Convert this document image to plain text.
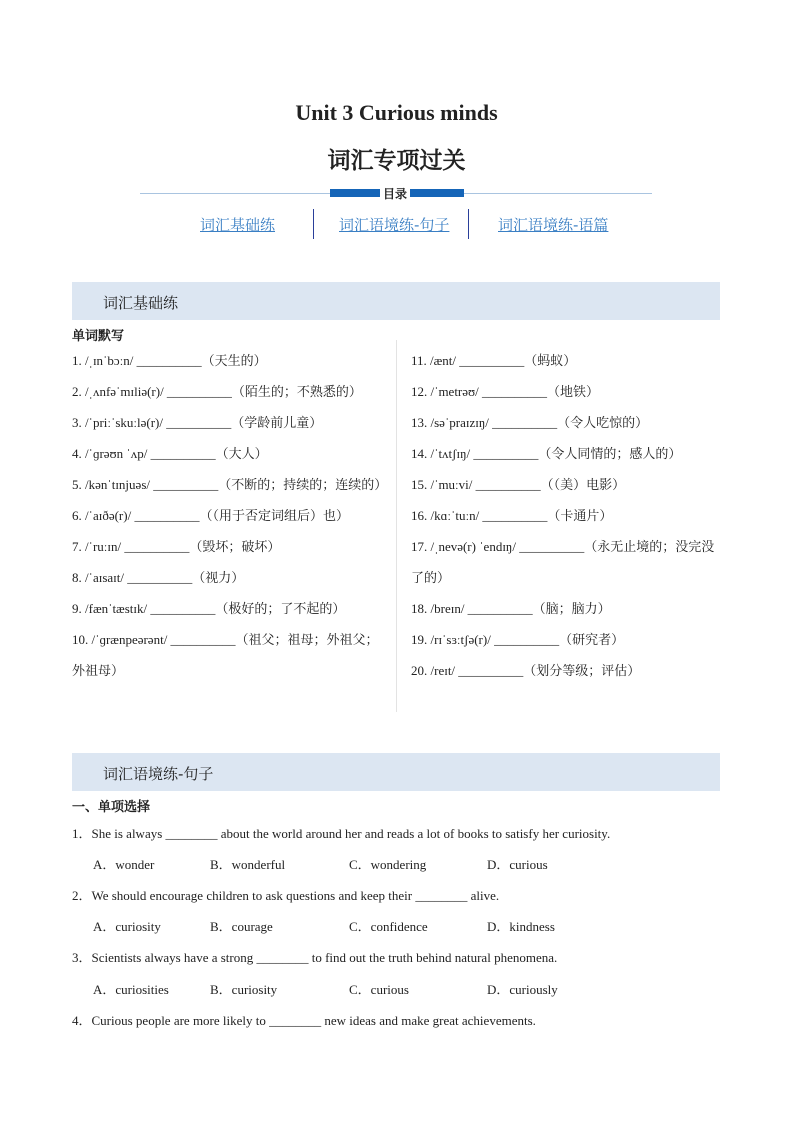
Unit 3 Curious minds
词汇专项过关
目录
词汇基础练	词汇语境练-句子	词汇语境练-语篇
词汇基础练
单词默写
1. /ˌɪnˈbɔːn/ __________（天生的）
2. /ˌʌnfəˈmɪliə(r)/ __________（陌生的；不熟悉的）
3. /ˈpriːˈskuːlə(r)/ __________（学龄前儿童）
4. /ˈɡrəʊn ˈʌp/ __________（大人）
5. /kənˈtɪnjuəs/ __________（不断的；持续的；连续的）
6. /ˈaɪðə(r)/ __________（（用于否定词组后）也）
7. /ˈruːɪn/ __________（毁坏；破坏）
8. /ˈaɪsaɪt/ __________（视力）
9. /fænˈtæstɪk/ __________（极好的；了不起的）
10. /ˈɡrænpeərənt/ __________（祖父；祖母；外祖父；外祖母）
11. /ænt/ __________（蚂蚁）
12. /ˈmetrəʊ/ __________（地铁）
13. /səˈpraɪzɪŋ/ __________（令人吃惊的）
14. /ˈtʌtʃɪŋ/ __________（令人同情的；感人的）
15. /ˈmuːvi/ __________（（美）电影）
16. /kɑːˈtuːn/ __________（卡通片）
17. /ˌnevə(r) ˈendɪŋ/ __________（永无止境的；没完没了的）
18. /breɪn/ __________（脑；脑力）
19. /rɪˈsɜːtʃə(r)/ __________（研究者）
20. /reɪt/ __________（划分等级；评估）
词汇语境练-句子
一、单项选择
1．She is always ________ about the world around her and reads a lot of books to satisfy her curiosity.
A．wonder	B．wonderful	C．wondering	D．curious
2．We should encourage children to ask questions and keep their ________ alive.
A．curiosity	B．courage	C．confidence	D．kindness
3．Scientists always have a strong ________ to find out the truth behind natural phenomena.
A．curiosities	B．curiosity	C．curious	D．curiously
4．Curious people are more likely to ________ new ideas and make great achievements.
